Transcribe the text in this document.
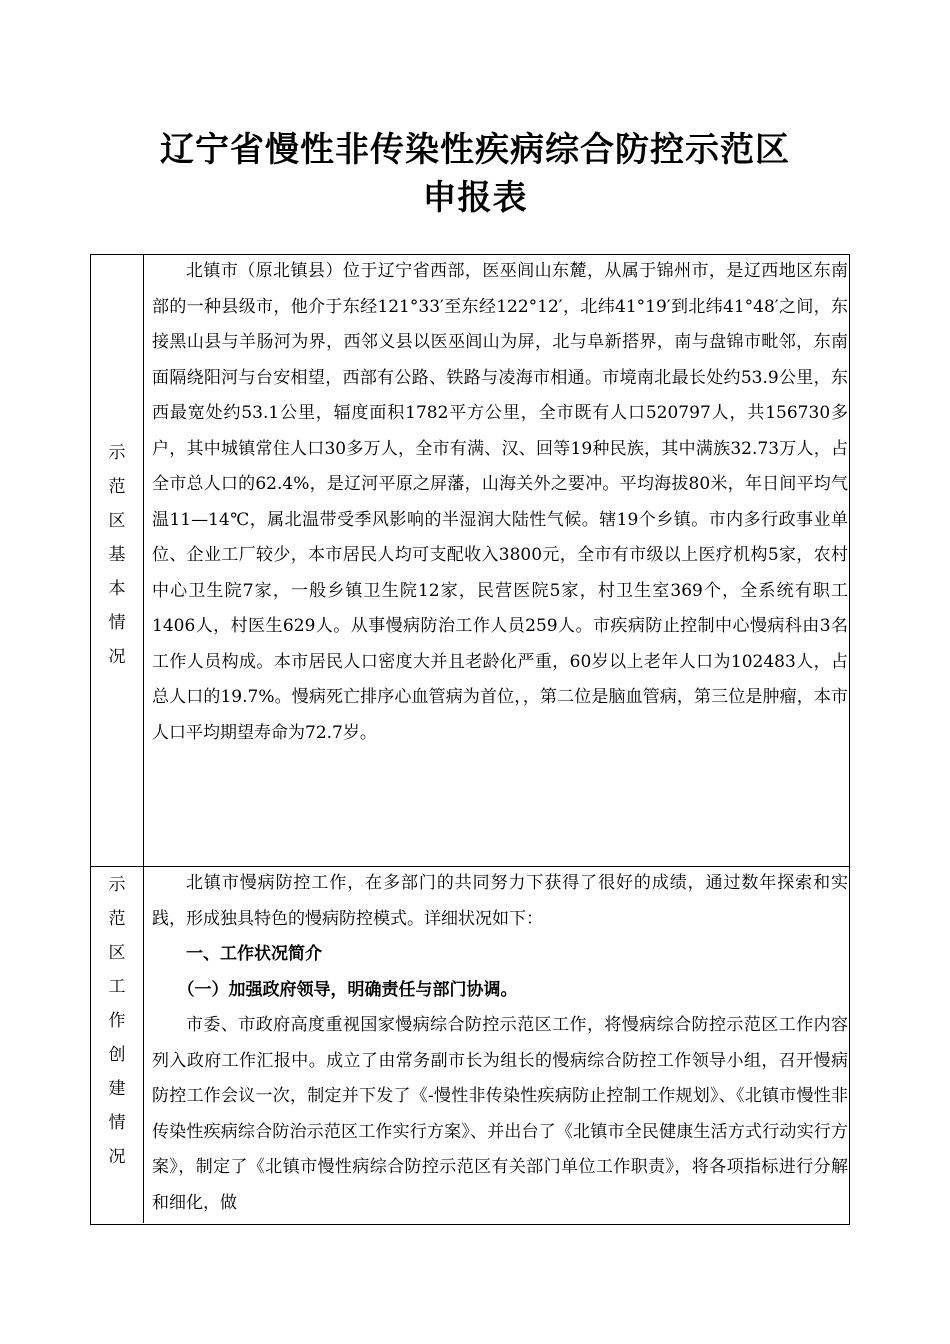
辽宁省慢性非传染性疾病综合防控示范区
申报表
示
范
区
基
本
情
况

北镇市（原北镇县）位于辽宁省西部，医巫闾山东麓，从属于锦州市，是辽西地区东南部的一种县级市，他介于东经121°33′至东经122°12′，北纬41°19′到北纬41°48′之间，东接黑山县与羊肠河为界，西邻义县以医巫闾山为屏，北与阜新搭界，南与盘锦市毗邻，东南面隔绕阳河与台安相望，西部有公路、铁路与凌海市相通。市境南北最长处约53.9公里，东西最宽处约53.1公里，辐度面积1782平方公里，全市既有人口520797人，共156730多户，其中城镇常住人口30多万人，全市有满、汉、回等19种民族，其中满族32.73万人，占全市总人口的62.4%，是辽河平原之屏藩，山海关外之要冲。平均海拔80米，年日间平均气温11—14℃，属北温带受季风影响的半湿润大陆性气候。辖19个乡镇。市内多行政事业单位、企业工厂较少，本市居民人均可支配收入3800元，全市有市级以上医疗机构5家，农村中心卫生院7家，一般乡镇卫生院12家，民营医院5家，村卫生室369个，全系统有职工1406人，村医生629人。从事慢病防治工作人员259人。市疾病防止控制中心慢病科由3名工作人员构成。本市居民人口密度大并且老龄化严重，60岁以上老年人口为102483人，占总人口的19.7%。慢病死亡排序心血管病为首位，，第二位是脑血管病，第三位是肿瘤，本市人口平均期望寿命为72.7岁。

示
范
区
工
作
创
建
情
况

北镇市慢病防控工作，在多部门的共同努力下获得了很好的成绩，通过数年探索和实践，形成独具特色的慢病防控模式。详细状况如下：

一、工作状况简介

（一）加强政府领导，明确责任与部门协调。

市委、市政府高度重视国家慢病综合防控示范区工作，将慢病综合防控示范区工作内容列入政府工作汇报中。成立了由常务副市长为组长的慢病综合防控工作领导小组，召开慢病防控工作会议一次，制定并下发了《-慢性非传染性疾病防止控制工作规划》、《北镇市慢性非传染性疾病综合防治示范区工作实行方案》、并出台了《北镇市全民健康生活方式行动实行方案》，制定了《北镇市慢性病综合防控示范区有关部门单位工作职责》，将各项指标进行分解和细化，做
